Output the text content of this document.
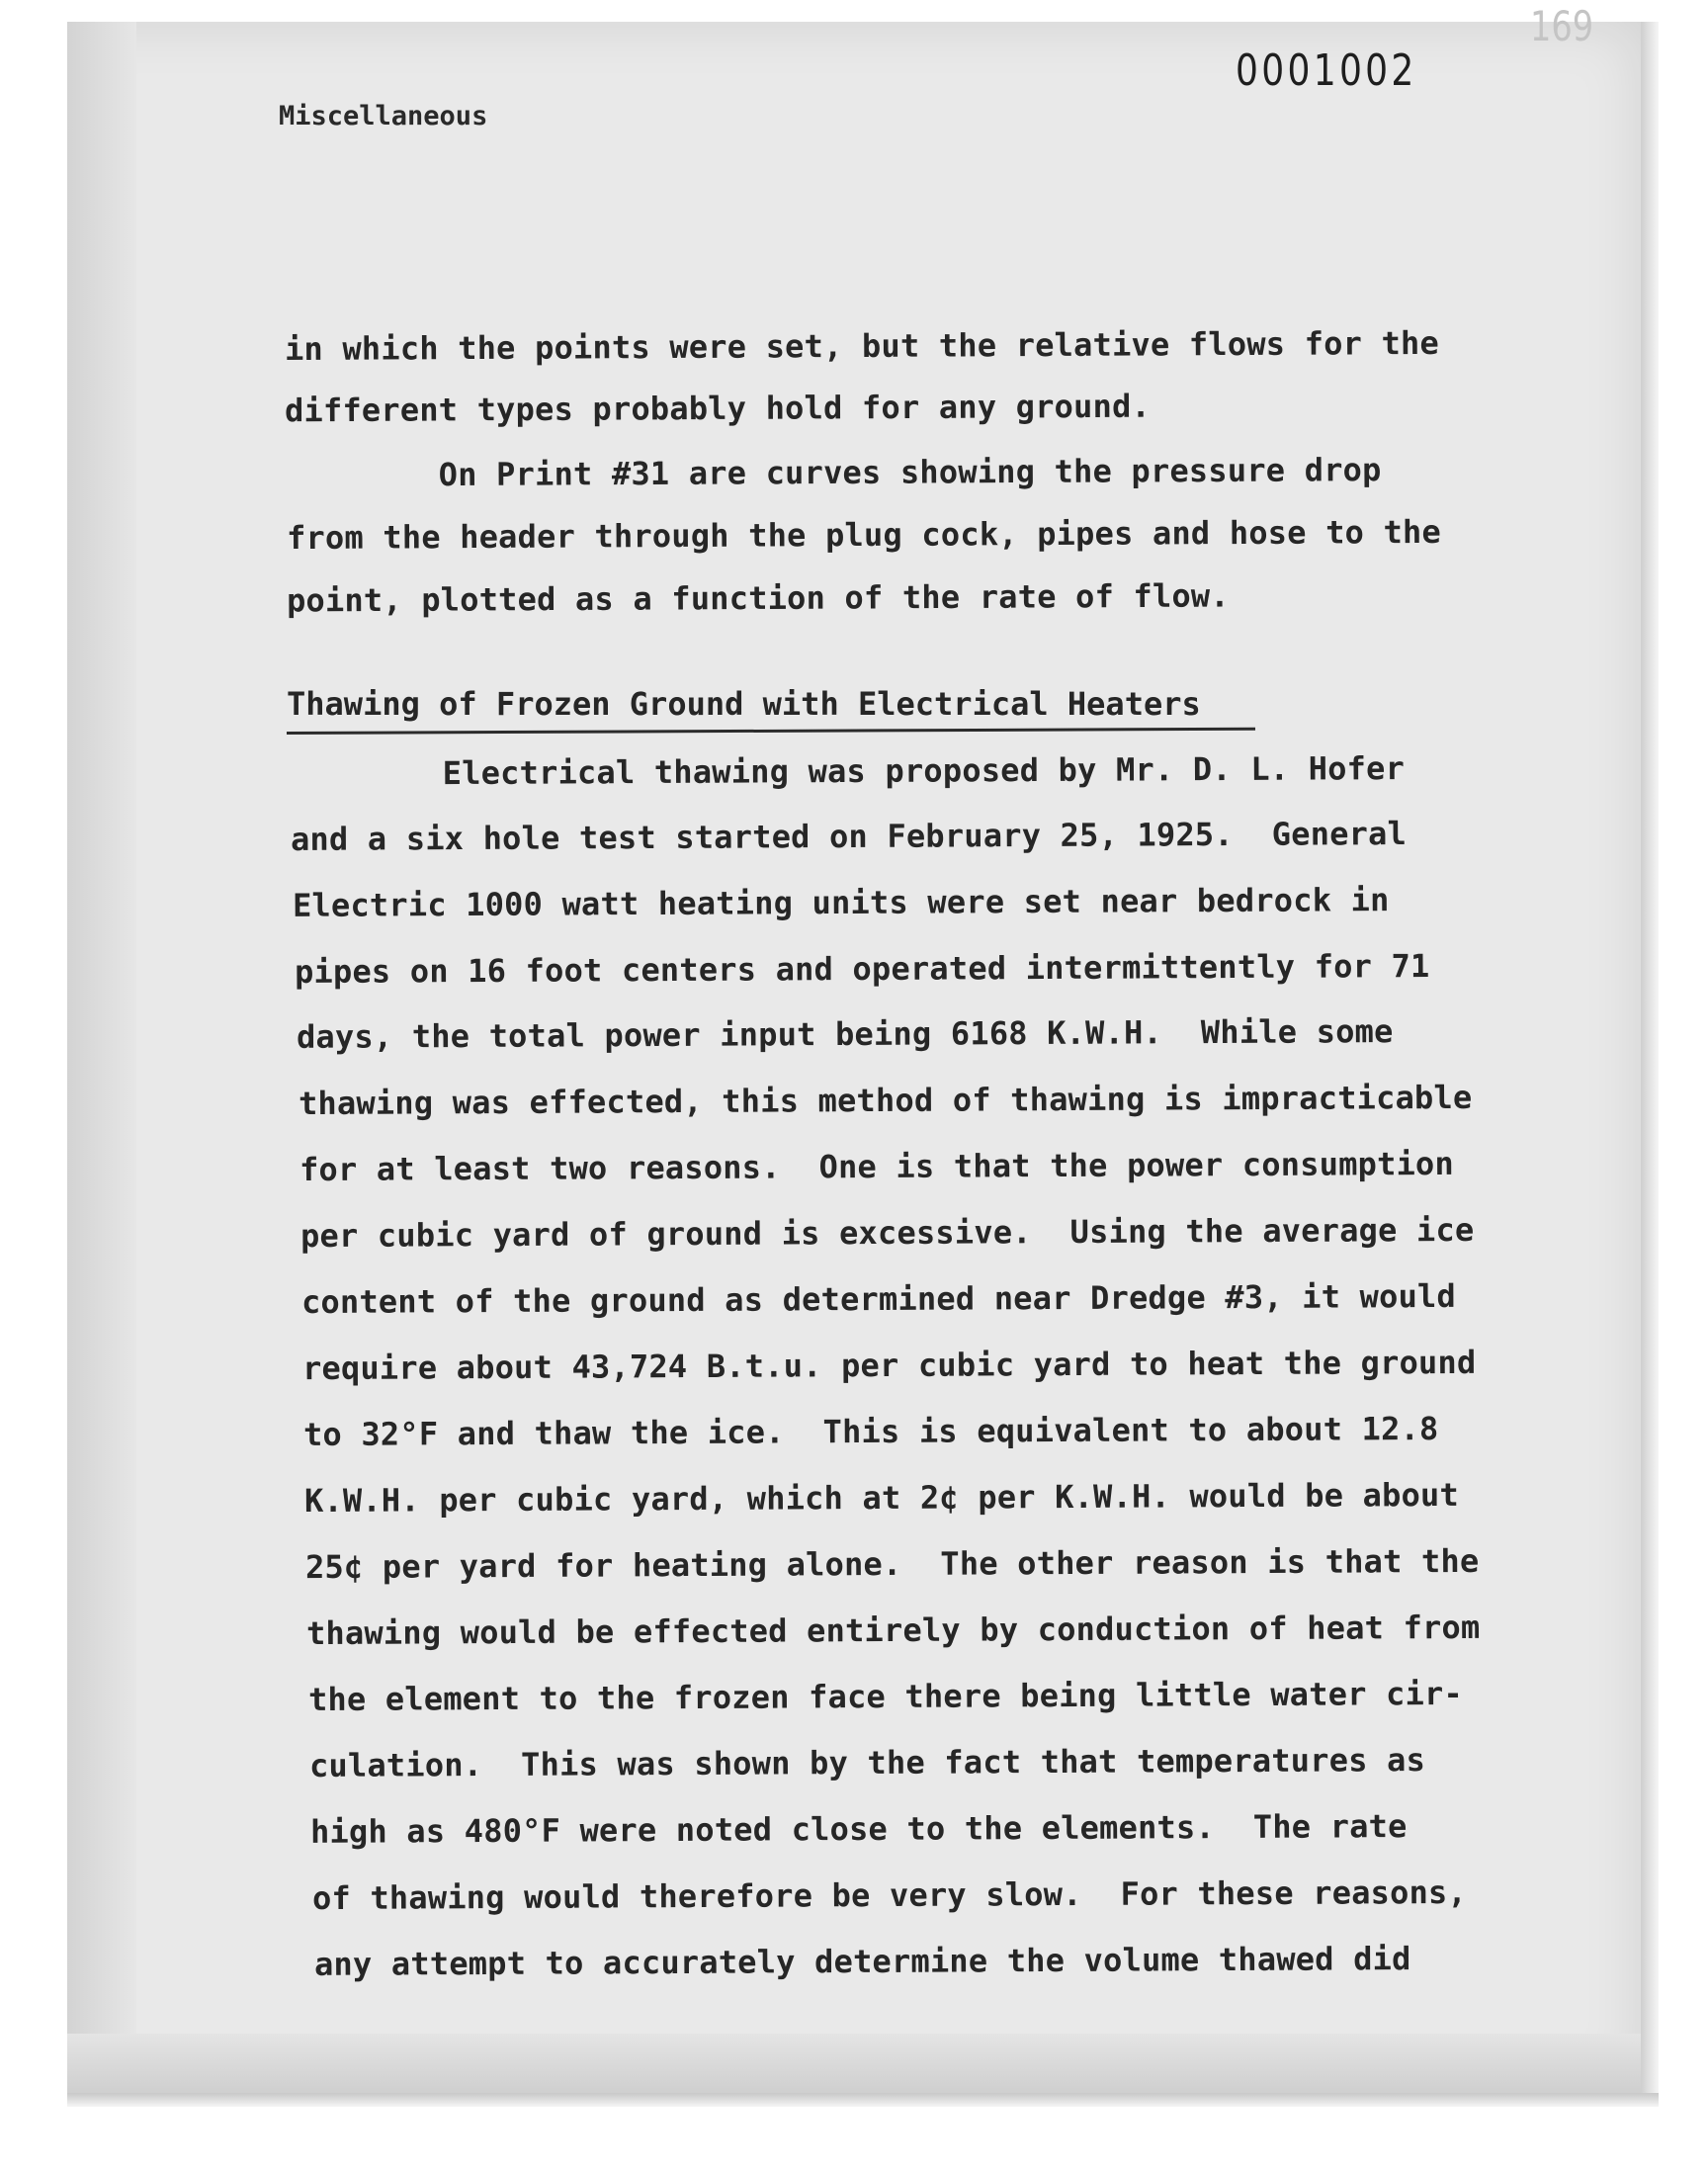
169
0001002
Miscellaneous
in which the points were set, but the relative flows for the
different types probably hold for any ground.
On Print #31 are curves showing the pressure drop
from the header through the plug cock, pipes and hose to the
point, plotted as a function of the rate of flow.
Thawing of Frozen Ground with Electrical Heaters
Electrical thawing was proposed by Mr. D. L. Hofer
and a six hole test started on February 25, 1925.  General
Electric 1000 watt heating units were set near bedrock in
pipes on 16 foot centers and operated intermittently for 71
days, the total power input being 6168 K.W.H.  While some
thawing was effected, this method of thawing is impracticable
for at least two reasons.  One is that the power consumption
per cubic yard of ground is excessive.  Using the average ice
content of the ground as determined near Dredge #3, it would
require about 43,724 B.t.u. per cubic yard to heat the ground
to 32°F and thaw the ice.  This is equivalent to about 12.8
K.W.H. per cubic yard, which at 2¢ per K.W.H. would be about
25¢ per yard for heating alone.  The other reason is that the
thawing would be effected entirely by conduction of heat from
the element to the frozen face there being little water cir-
culation.  This was shown by the fact that temperatures as
high as 480°F were noted close to the elements.  The rate
of thawing would therefore be very slow.  For these reasons,
any attempt to accurately determine the volume thawed did
